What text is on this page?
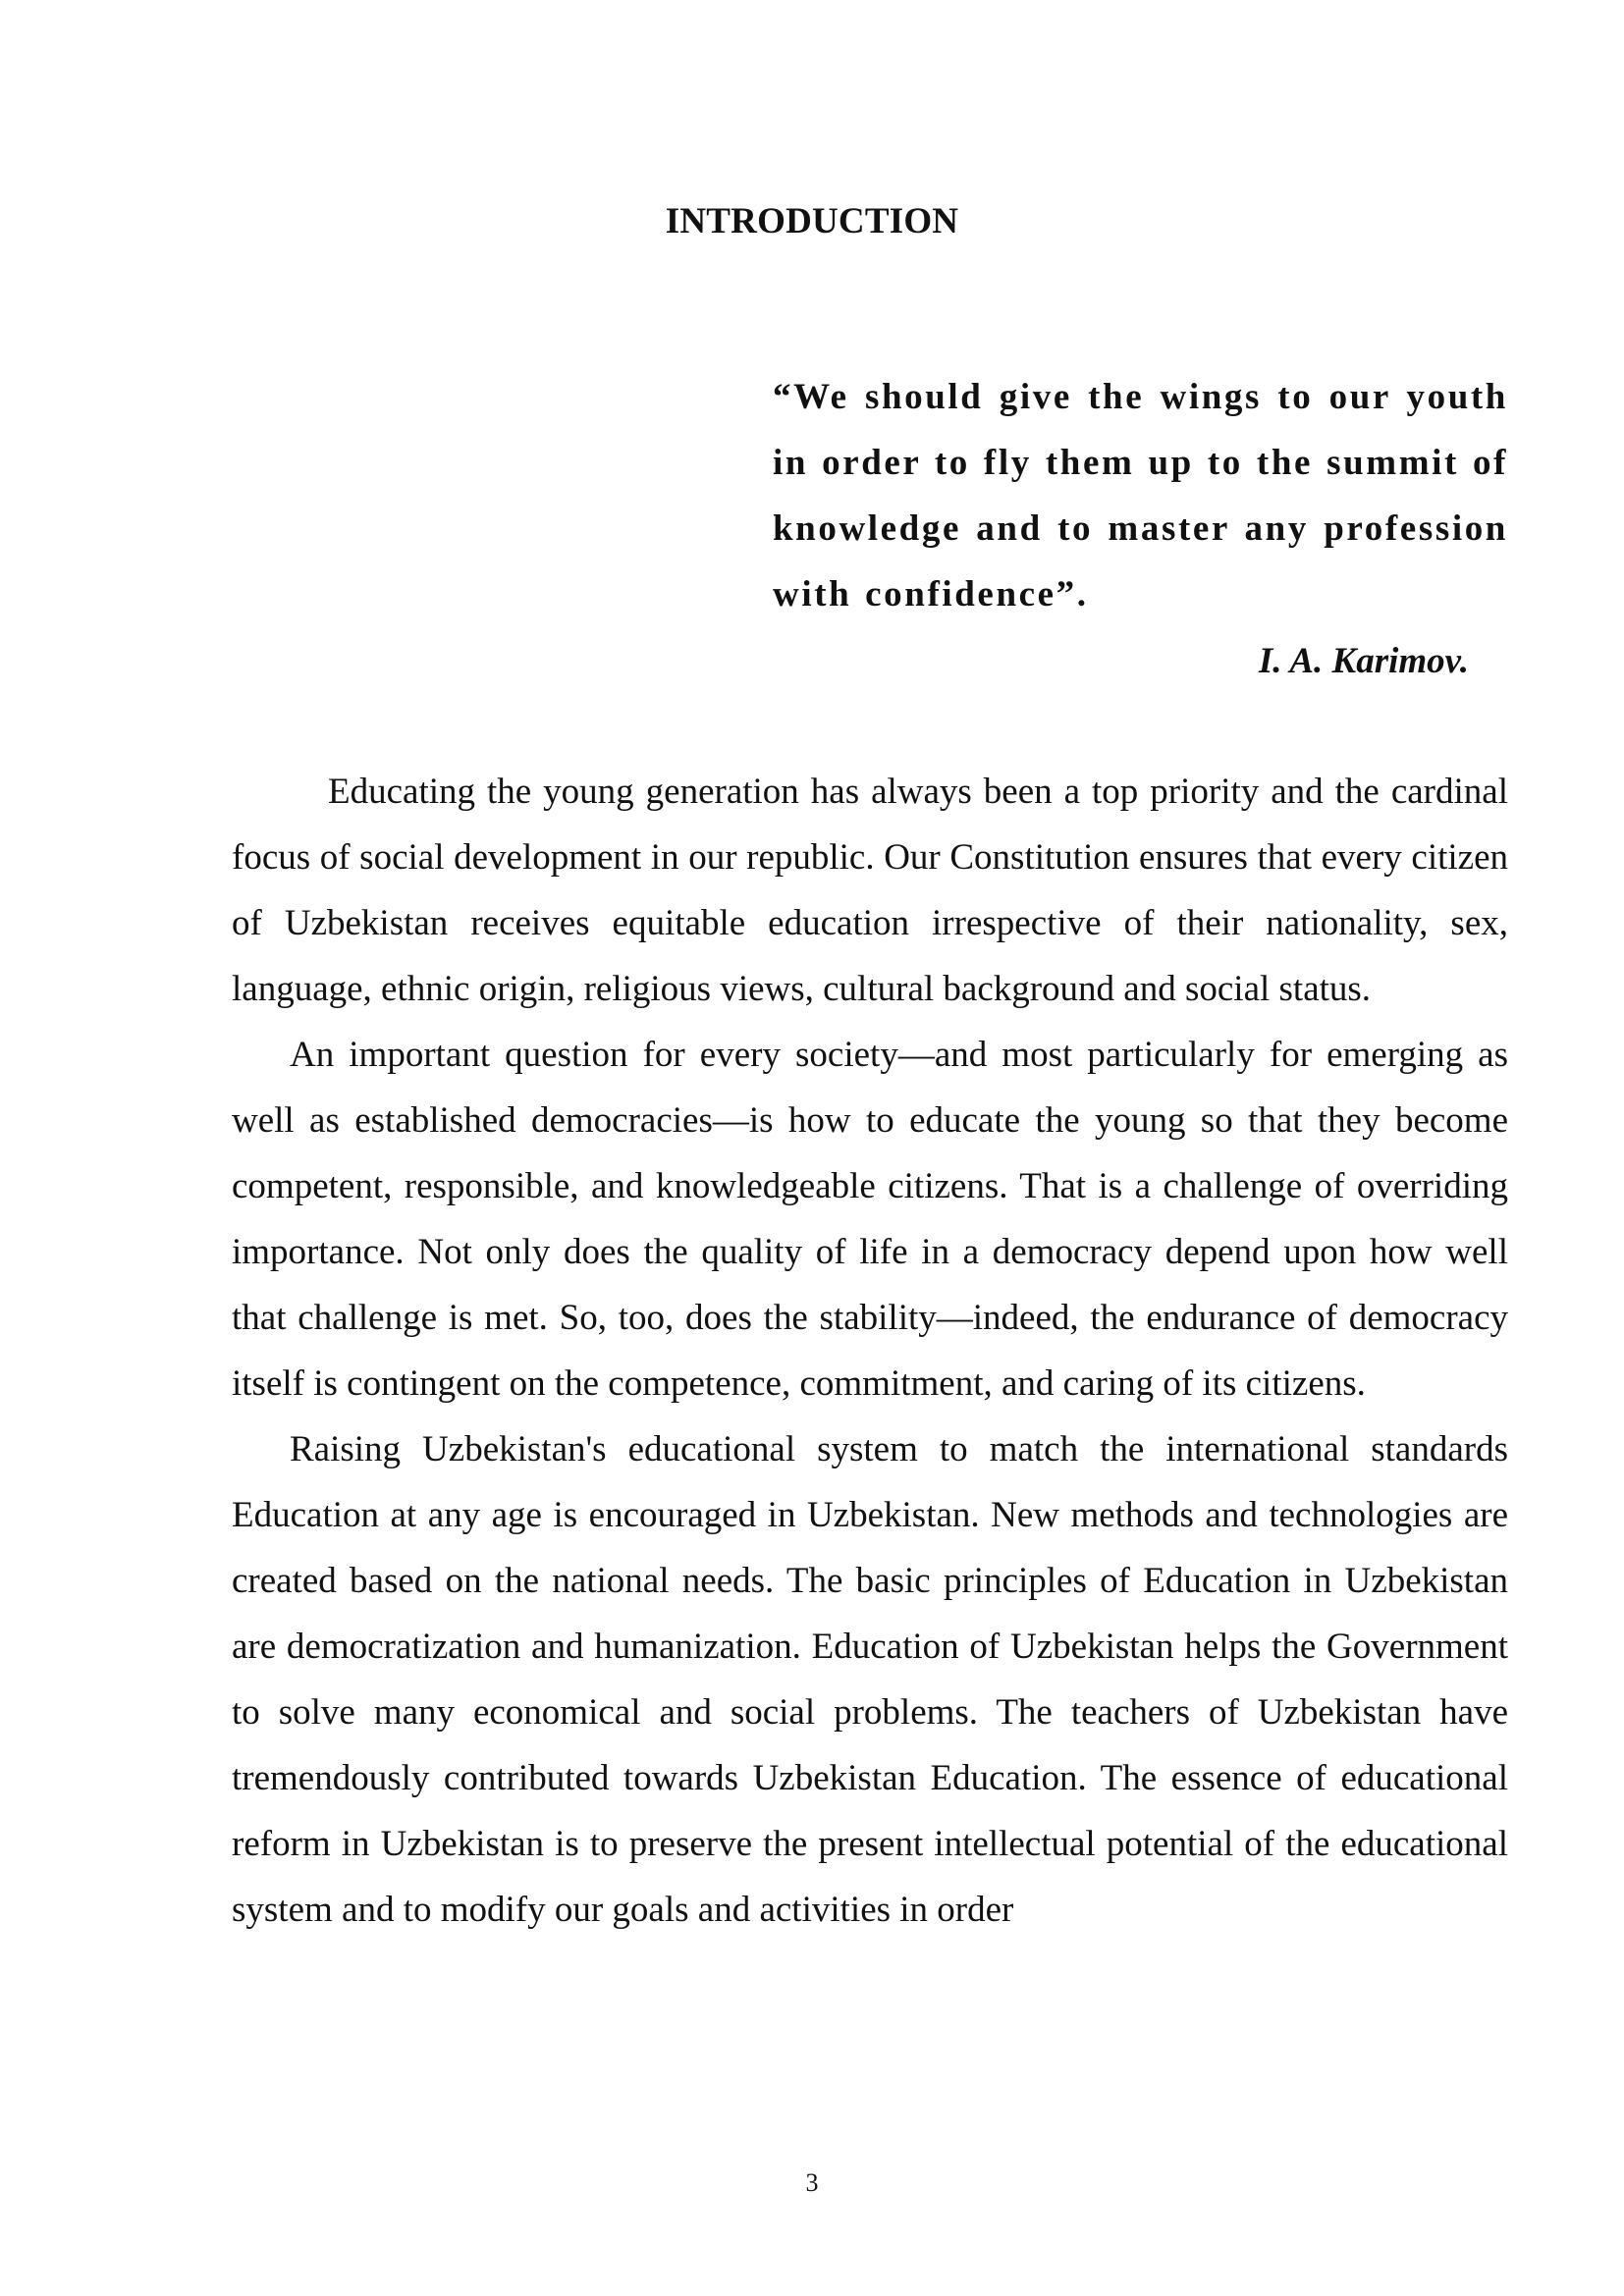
INTRODUCTION
“We should give the wings to our youth in order to fly them up to the summit of knowledge and to master any profession with confidence”.
I. A. Karimov.

Educating the young generation has always been a top priority and the cardinal focus of social development in our republic. Our Constitution ensures that every citizen of Uzbekistan receives equitable education irrespective of their nationality, sex, language, ethnic origin, religious views, cultural background and social status.

An important question for every society—and most particularly for emerging as well as established democracies—is how to educate the young so that they become competent, responsible, and knowledgeable citizens. That is a challenge of overriding importance. Not only does the quality of life in a democracy depend upon how well that challenge is met. So, too, does the stability—indeed, the endurance of democracy itself is contingent on the competence, commitment, and caring of its citizens.

Raising Uzbekistan's educational system to match the international standards Education at any age is encouraged in Uzbekistan. New methods and technologies are created based on the national needs. The basic principles of Education in Uzbekistan are democratization and humanization. Education of Uzbekistan helps the Government to solve many economical and social problems. The teachers of Uzbekistan have tremendously contributed towards Uzbekistan Education. The essence of educational reform in Uzbekistan is to preserve the present intellectual potential of the educational system and to modify our goals and activities in order

3
